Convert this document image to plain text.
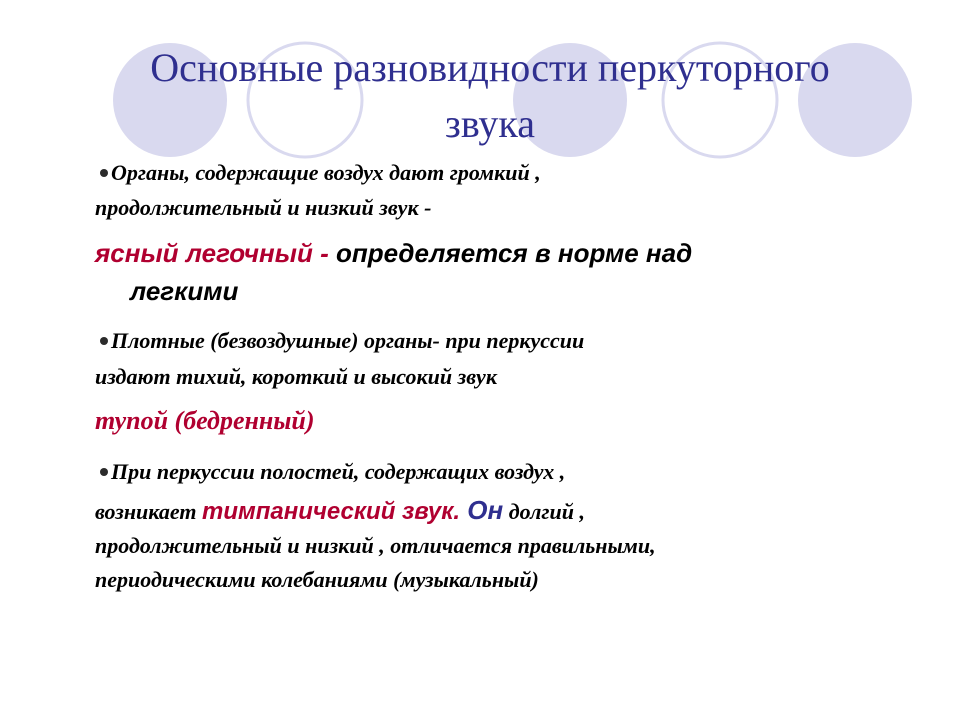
Основные разновидности перкуторного
звука
Органы, содержащие воздух дают громкий ,
продолжительный и низкий звук -
ясный легочный - определяется в норме над
легкими
Плотные (безвоздушные) органы- при перкуссии
издают тихий, короткий и высокий звук
тупой (бедренный)
При перкуссии полостей, содержащих воздух ,
возникает тимпанический звук. Он долгий ,
продолжительный и низкий , отличается правильными,
периодическими колебаниями (музыкальный)
